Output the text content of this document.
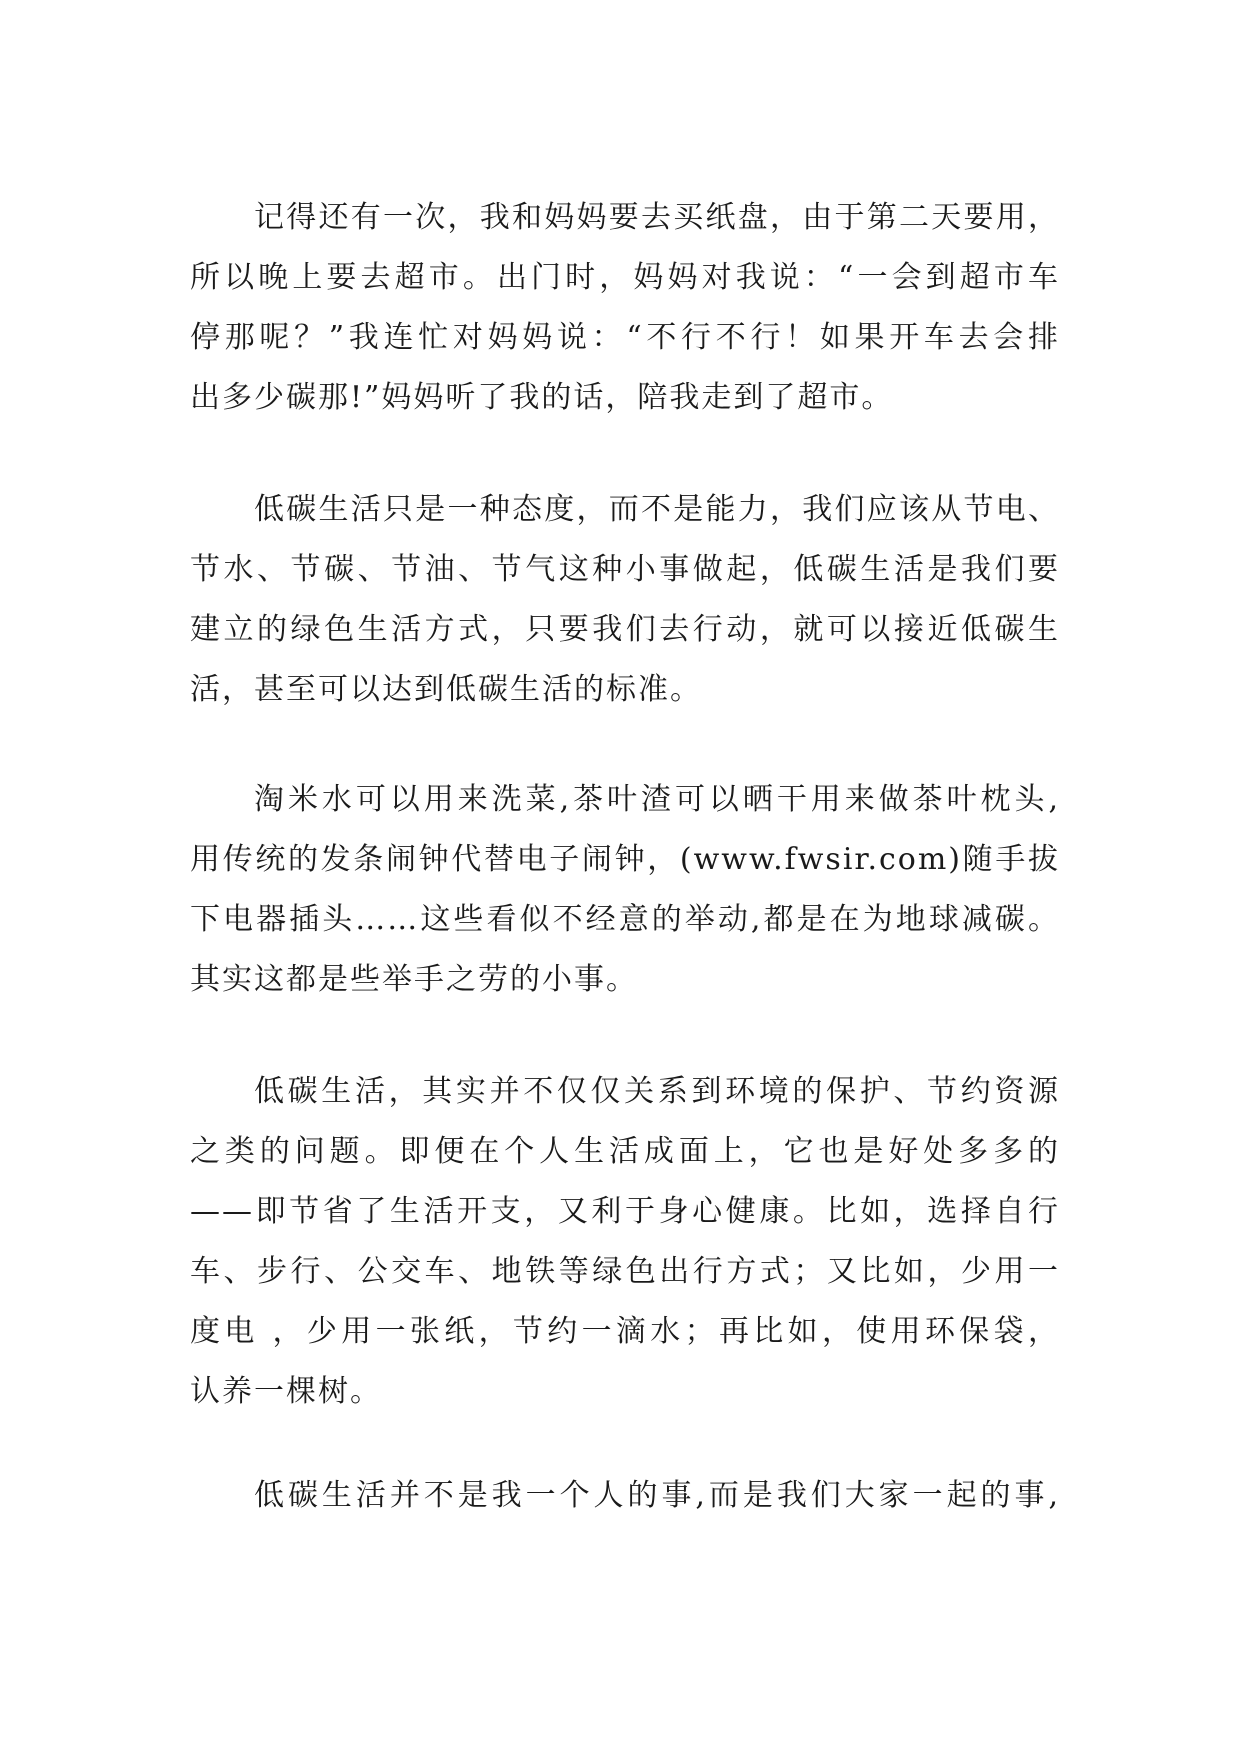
记得还有一次，我和妈妈要去买纸盘，由于第二天要用，
所以晚上要去超市。出门时，妈妈对我说：“一会到超市车
停那呢？”我连忙对妈妈说：“不行不行！如果开车去会排
出多少碳那!”妈妈听了我的话，陪我走到了超市。
低碳生活只是一种态度，而不是能力，我们应该从节电、
节水、节碳、节油、节气这种小事做起，低碳生活是我们要
建立的绿色生活方式，只要我们去行动，就可以接近低碳生
活，甚至可以达到低碳生活的标准。
淘米水可以用来洗菜,茶叶渣可以晒干用来做茶叶枕头,
用传统的发条闹钟代替电子闹钟，(www.fwsir.com)随手拔
下电器插头……这些看似不经意的举动,都是在为地球减碳。
其实这都是些举手之劳的小事。
低碳生活，其实并不仅仅关系到环境的保护、节约资源
之类的问题。即便在个人生活成面上，它也是好处多多的
——即节省了生活开支，又利于身心健康。比如，选择自行
车、步行、公交车、地铁等绿色出行方式；又比如，少用一
度电 ，少用一张纸，节约一滴水；再比如，使用环保袋，
认养一棵树。
低碳生活并不是我一个人的事,而是我们大家一起的事,
